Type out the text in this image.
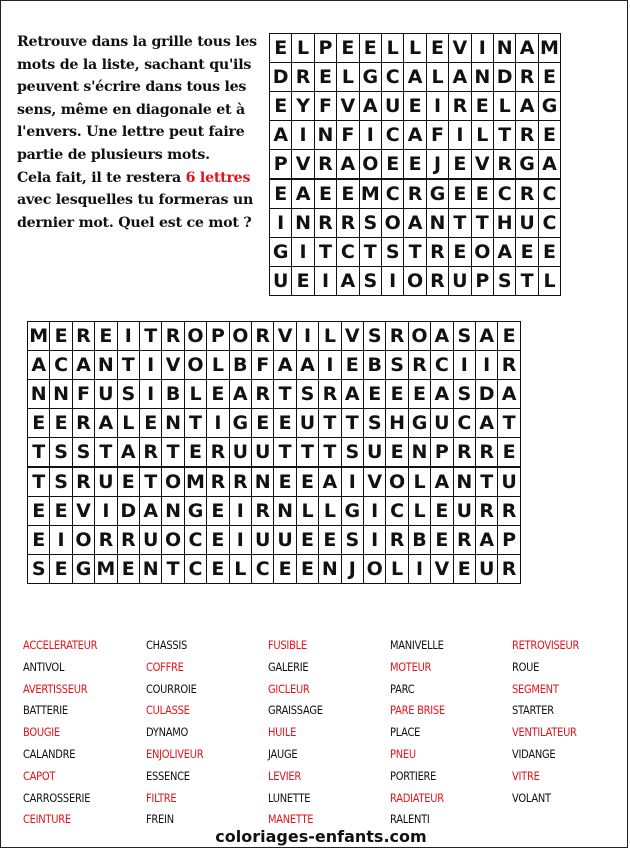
Retrouve dans la grille tous les mots de la liste, sachant qu'ils peuvent s'écrire dans tous les sens, même en diagonale et à l'envers. Une lettre peut faire partie de plusieurs mots.
Cela fait, il te restera 6 lettres avec lesquelles tu formeras un dernier mot. Quel est ce mot ?
E L P E E L L E V I N A M
D R E L G C A L A N D R E
E Y F V A U E I R E L A G
A I N F I C A F I L T R E
P V R A O E E J E V R G A
E A E E M C R G E E C R C
I N R R S O A N T T H U C
G I T C T S T R E O A E E
U E I A S I O R U P S T L
M E R E I T R O P O R V I L V S R O A S A E
A C A N T I V O L B F A A I E B S R C I I R
N N F U S I B L E A R T S R A E E E A S D A
E E R A L E N T I G E E U T T S H G U C A T
T S S T A R T E R U U T T T S U E N P R R E
T S R U E T O M R R N E E A I V O L A N T U
E E V I D A N G E I R N L L G I C L E U R R
E I O R R U O C E I U U E E S I R B E R A P
S E G M E N T C E L C E E N J O L I V E U R
ACCELERATEUR
ANTIVOL
AVERTISSEUR
BATTERIE
BOUGIE
CALANDRE
CAPOT
CARROSSERIE
CEINTURE
CHASSIS
COFFRE
COURROIE
CULASSE
DYNAMO
ENJOLIVEUR
ESSENCE
FILTRE
FREIN
FUSIBLE
GALERIE
GICLEUR
GRAISSAGE
HUILE
JAUGE
LEVIER
LUNETTE
MANETTE
MANIVELLE
MOTEUR
PARC
PARE BRISE
PLACE
PNEU
PORTIERE
RADIATEUR
RALENTI
RETROVISEUR
ROUE
SEGMENT
STARTER
VENTILATEUR
VIDANGE
VITRE
VOLANT
coloriages-enfants.com
